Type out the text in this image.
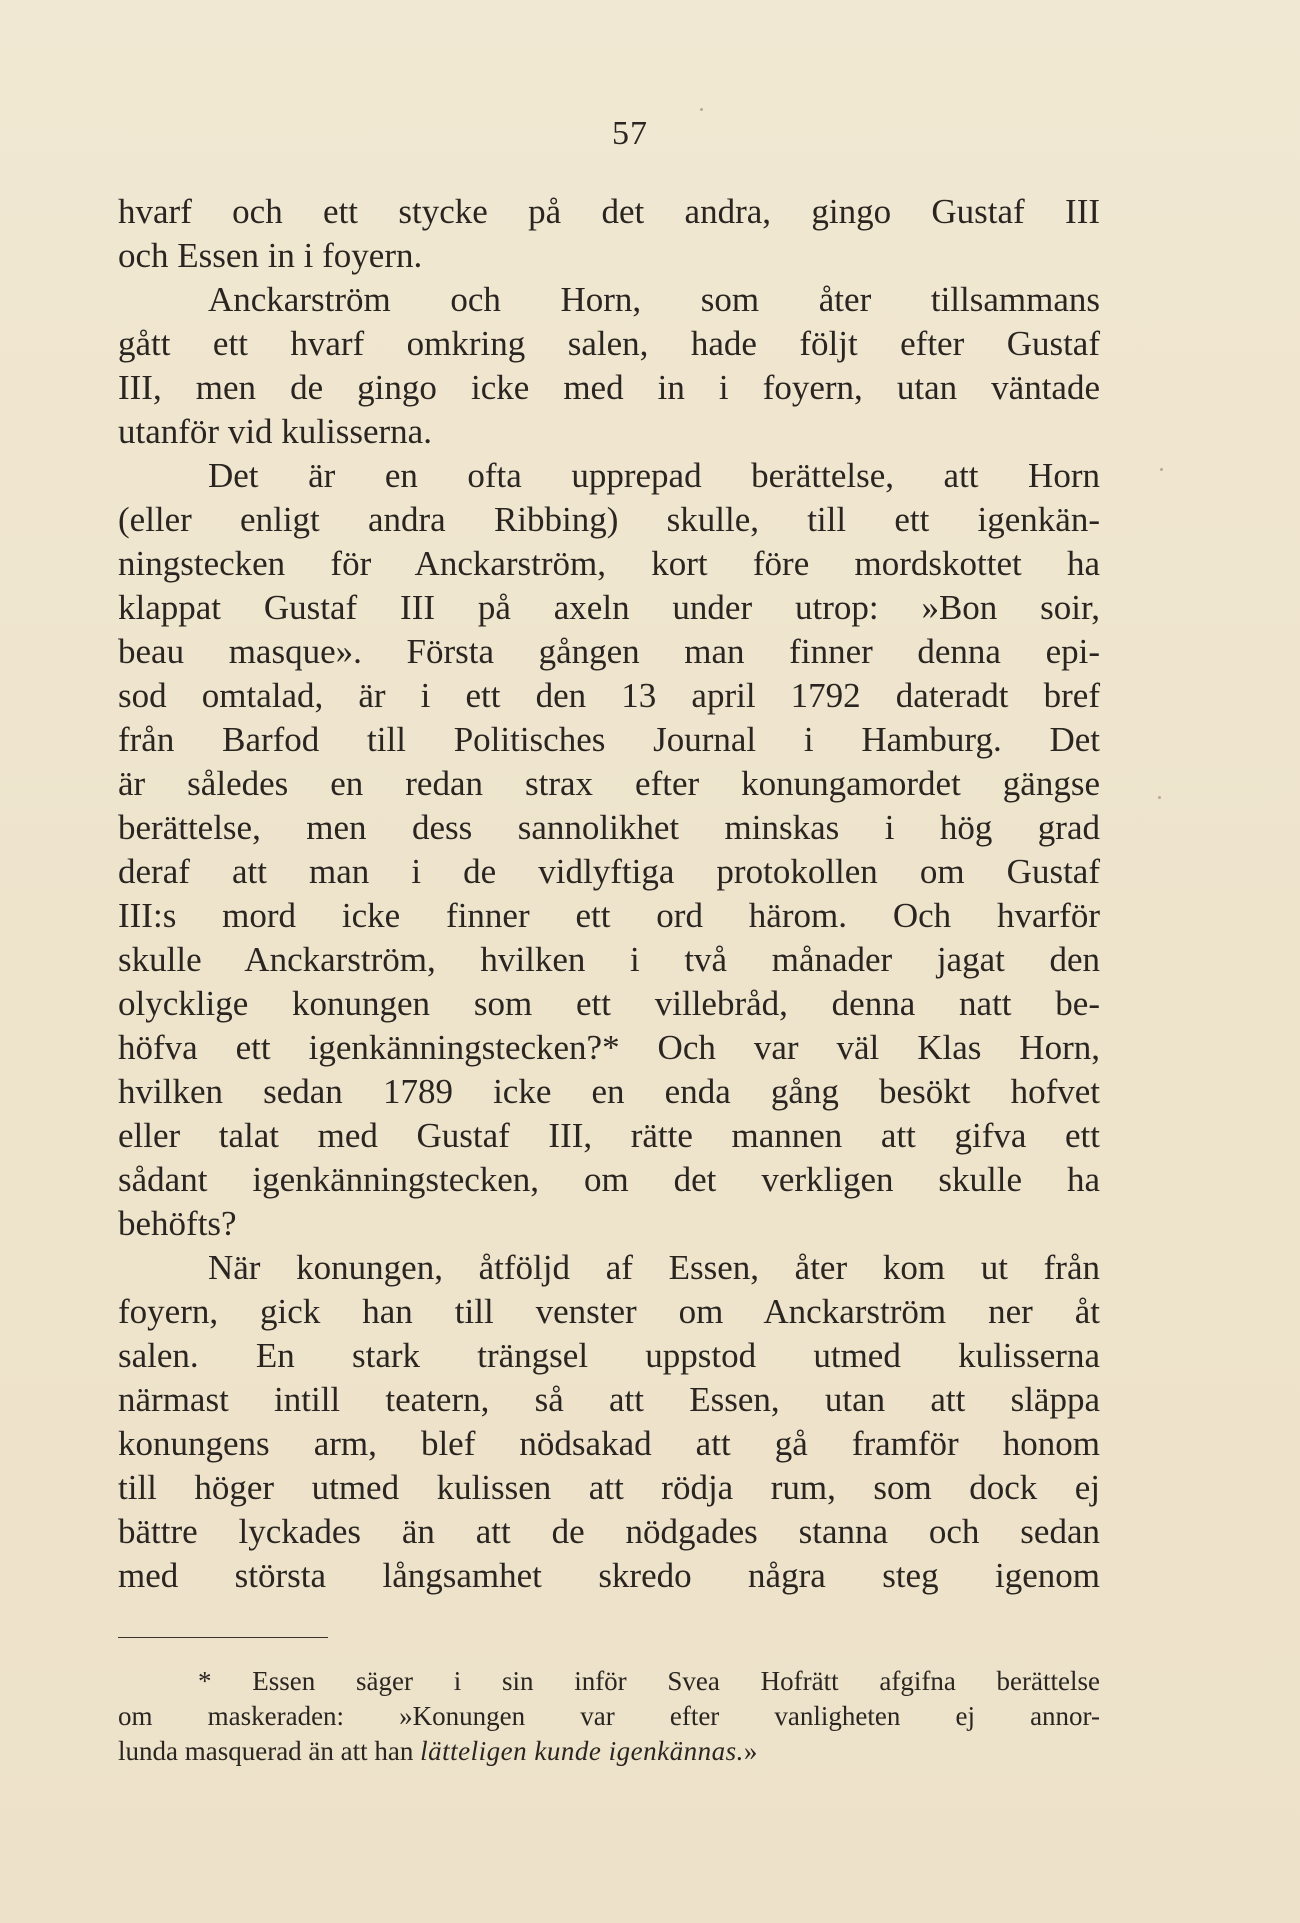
57
hvarf och ett stycke på det andra, gingo Gustaf III
och Essen in i foyern.
Anckarström och Horn, som åter tillsammans
gått ett hvarf omkring salen, hade följt efter Gustaf
III, men de gingo icke med in i foyern, utan väntade
utanför vid kulisserna.
Det är en ofta upprepad berättelse, att Horn
(eller enligt andra Ribbing) skulle, till ett igenkän-
ningstecken för Anckarström, kort före mordskottet ha
klappat Gustaf III på axeln under utrop: »Bon soir,
beau masque». Första gången man finner denna epi-
sod omtalad, är i ett den 13 april 1792 dateradt bref
från Barfod till Politisches Journal i Hamburg. Det
är således en redan strax efter konungamordet gängse
berättelse, men dess sannolikhet minskas i hög grad
deraf att man i de vidlyftiga protokollen om Gustaf
III:s mord icke finner ett ord härom. Och hvarför
skulle Anckarström, hvilken i två månader jagat den
olycklige konungen som ett villebråd, denna natt be-
höfva ett igenkänningstecken?* Och var väl Klas Horn,
hvilken sedan 1789 icke en enda gång besökt hofvet
eller talat med Gustaf III, rätte mannen att gifva ett
sådant igenkänningstecken, om det verkligen skulle ha
behöfts?
När konungen, åtföljd af Essen, åter kom ut från
foyern, gick han till venster om Anckarström ner åt
salen. En stark trängsel uppstod utmed kulisserna
närmast intill teatern, så att Essen, utan att släppa
konungens arm, blef nödsakad att gå framför honom
till höger utmed kulissen att rödja rum, som dock ej
bättre lyckades än att de nödgades stanna och sedan
med största långsamhet skredo några steg igenom
* Essen säger i sin inför Svea Hofrätt afgifna berättelse
om maskeraden: »Konungen var efter vanligheten ej annor-
lunda masquerad än att han lätteligen kunde igenkännas.»
